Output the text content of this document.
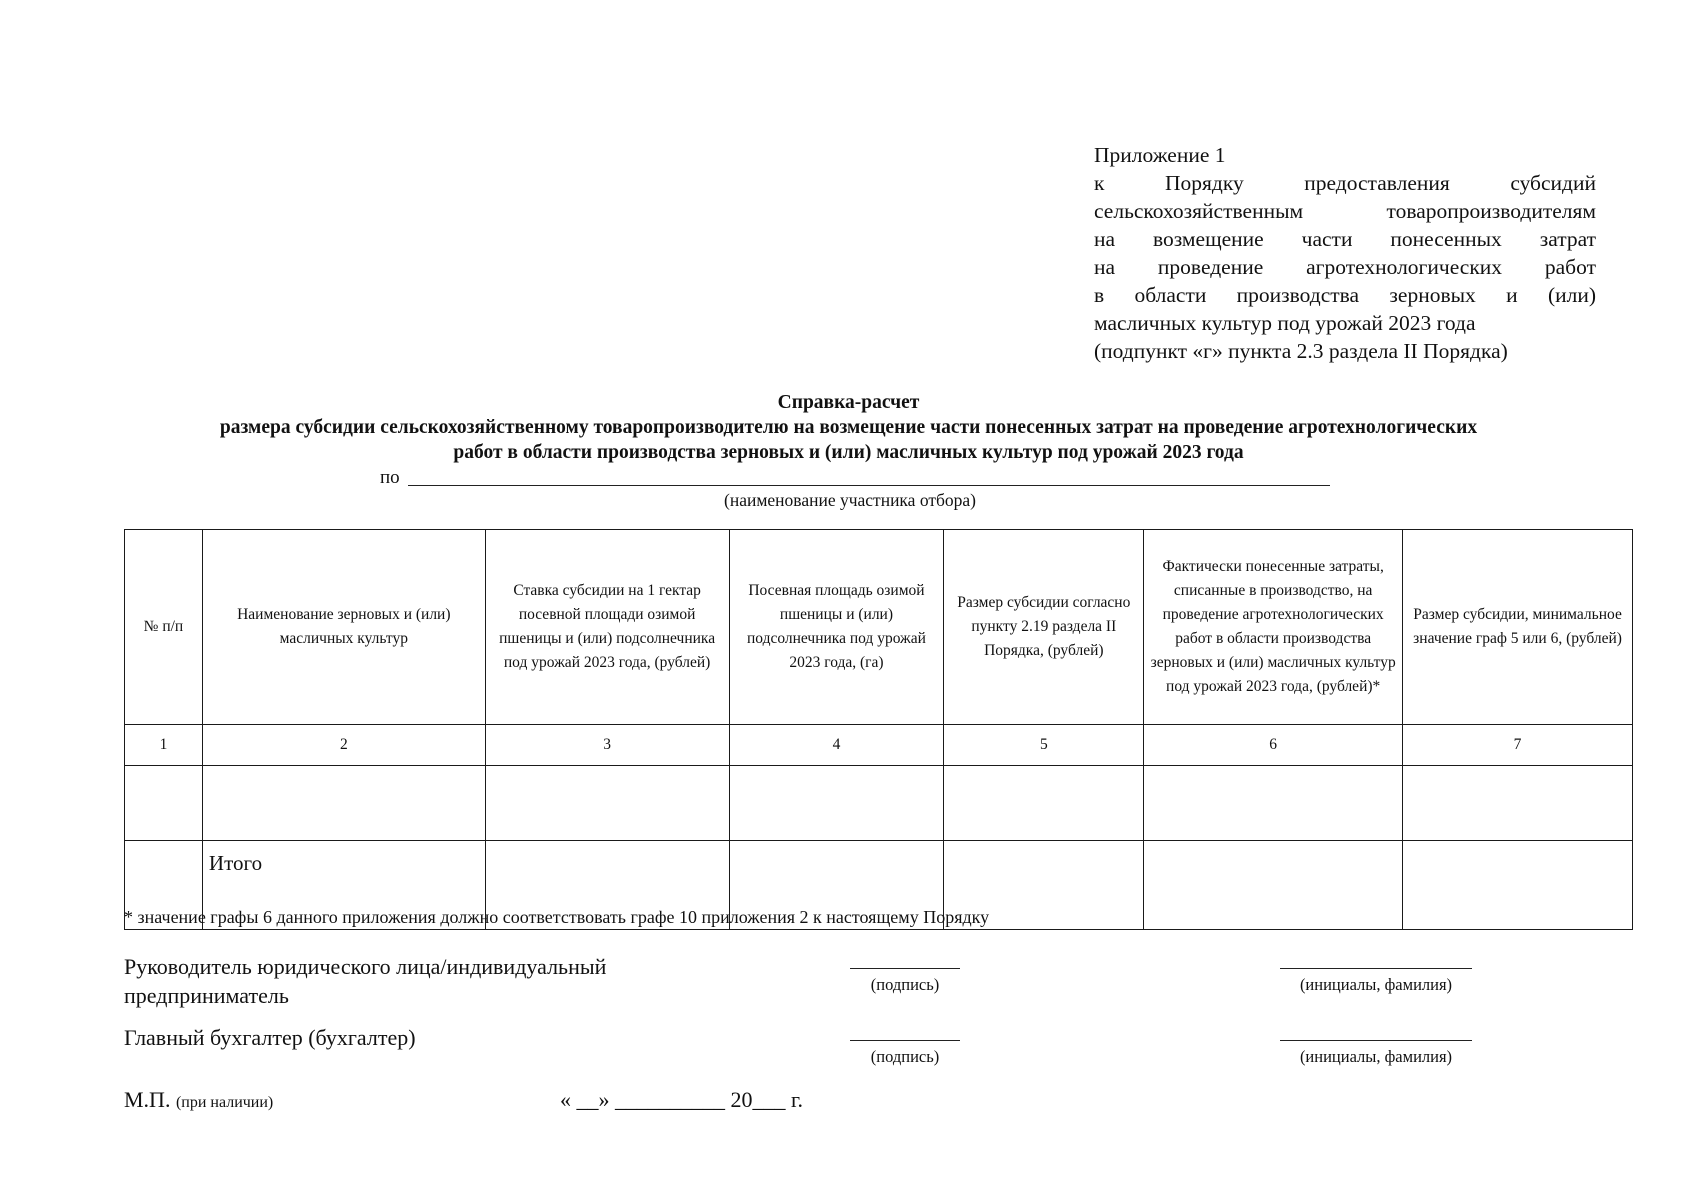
Приложение 1
к Порядку предоставления субсидий
сельскохозяйственным товаропроизводителям
на возмещение части понесенных затрат
на проведение агротехнологических работ
в области производства зерновых и (или)
масличных культур под урожай 2023 года
(подпункт «г» пункта 2.3 раздела II Порядка)
Справка-расчет
размера субсидии сельскохозяйственному товаропроизводителю на возмещение части понесенных затрат на проведение агротехнологических
работ в области производства зерновых и (или) масличных культур под урожай 2023 года
по
(наименование участника отбора)
№ п/п	Наименование зерновых и (или) масличных культур	Ставка субсидии на 1 гектар посевной площади озимой пшеницы и (или) подсолнечника под урожай 2023 года, (рублей)	Посевная площадь озимой пшеницы и (или) подсолнечника под урожай 2023 года, (га)	Размер субсидии согласно пункту 2.19 раздела II Порядка, (рублей)	Фактически понесенные затраты, списанные в производство, на проведение агротехнологических работ в области производства зерновых и (или) масличных культур под урожай 2023 года, (рублей)*	Размер субсидии, минимальное значение граф 5 или 6, (рублей)
1	2	3	4	5	6	7

	Итого					
* значение графы 6 данного приложения должно соответствовать графе 10 приложения 2 к настоящему Порядку
Руководитель юридического лица/индивидуальный
предприниматель	(подпись)	(инициалы, фамилия)
Главный бухгалтер (бухгалтер)
(подпись)	(инициалы, фамилия)
М.П. (при наличии)	« __» __________ 20___ г.
